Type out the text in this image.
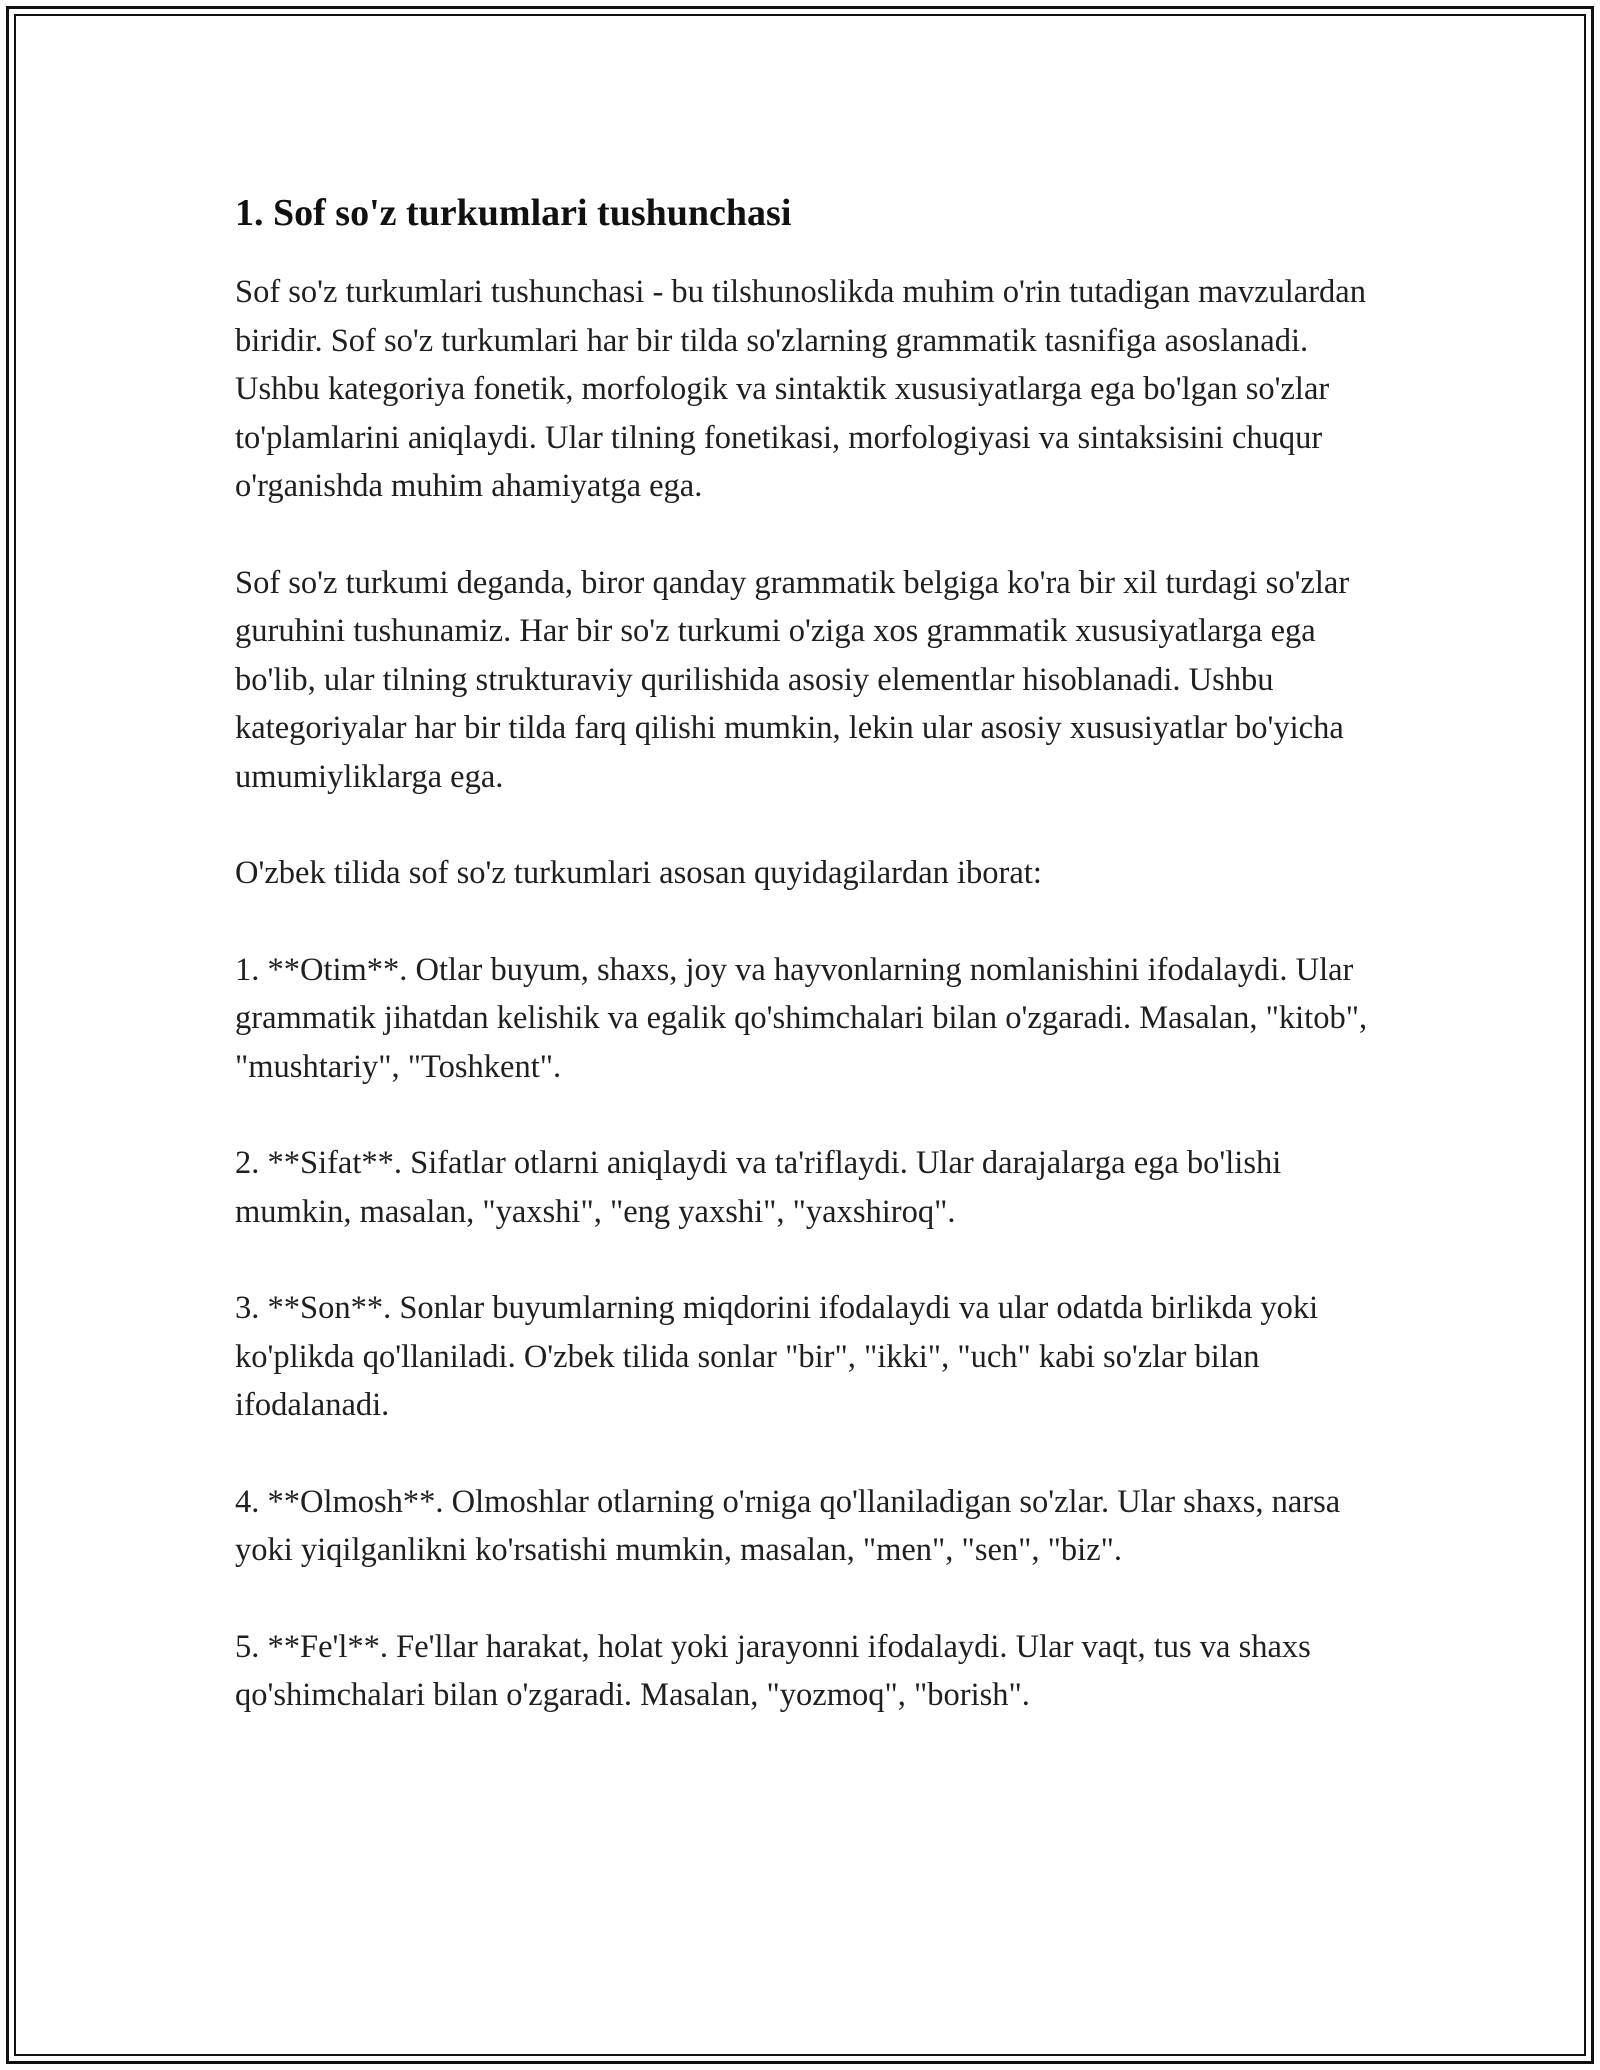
1. Sof so'z turkumlari tushunchasi

Sof so'z turkumlari tushunchasi - bu tilshunoslikda muhim o'rin tutadigan mavzulardan biridir. Sof so'z turkumlari har bir tilda so'zlarning grammatik tasnifiga asoslanadi. Ushbu kategoriya fonetik, morfologik va sintaktik xususiyatlarga ega bo'lgan so'zlar to'plamlarini aniqlaydi. Ular tilning fonetikasi, morfologiyasi va sintaksisini chuqur o'rganishda muhim ahamiyatga ega.

Sof so'z turkumi deganda, biror qanday grammatik belgiga ko'ra bir xil turdagi so'zlar guruhini tushunamiz. Har bir so'z turkumi o'ziga xos grammatik xususiyatlarga ega bo'lib, ular tilning strukturaviy qurilishida asosiy elementlar hisoblanadi. Ushbu kategoriyalar har bir tilda farq qilishi mumkin, lekin ular asosiy xususiyatlar bo'yicha umumiyliklarga ega.

O'zbek tilida sof so'z turkumlari asosan quyidagilardan iborat:

1. **Otim**. Otlar buyum, shaxs, joy va hayvonlarning nomlanishini ifodalaydi. Ular grammatik jihatdan kelishik va egalik qo'shimchalari bilan o'zgaradi. Masalan, "kitob", "mushtariy", "Toshkent".

2. **Sifat**. Sifatlar otlarni aniqlaydi va ta'riflaydi. Ular darajalarga ega bo'lishi mumkin, masalan, "yaxshi", "eng yaxshi", "yaxshiroq".

3. **Son**. Sonlar buyumlarning miqdorini ifodalaydi va ular odatda birlikda yoki ko'plikda qo'llaniladi. O'zbek tilida sonlar "bir", "ikki", "uch" kabi so'zlar bilan ifodalanadi.

4. **Olmosh**. Olmoshlar otlarning o'rniga qo'llaniladigan so'zlar. Ular shaxs, narsa yoki yiqilganlikni ko'rsatishi mumkin, masalan, "men", "sen", "biz".

5. **Fe'l**. Fe'llar harakat, holat yoki jarayonni ifodalaydi. Ular vaqt, tus va shaxs qo'shimchalari bilan o'zgaradi. Masalan, "yozmoq", "borish".
